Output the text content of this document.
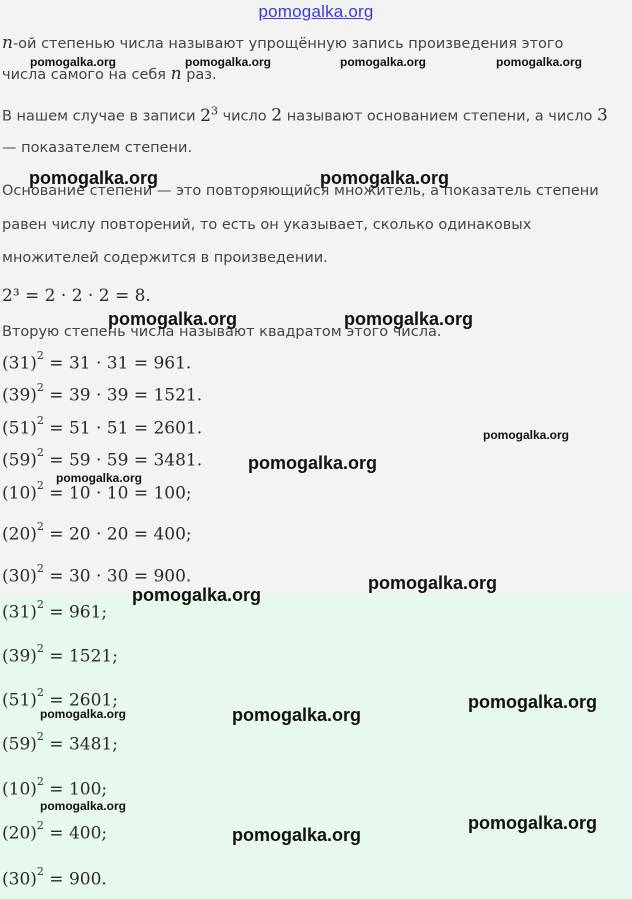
pomogalka.org
n-ой степенью числа называют упрощённую запись произведения этого
числа самого на себя n раз.
В нашем случае в записи $2^3$ число 2 называют основанием степени, а число 3
— показателем степени.
Основание степени — это повторяющийся множитель, а показатель степени
равен числу повторений, то есть он указывает, сколько одинаковых
множителей содержится в произведении.
2³ = 2 · 2 · 2 = 8.
Вторую степень числа называют квадратом этого числа.
$(31)^2 = 31 \cdot 31 = 961$.
$(39)^2 = 39 \cdot 39 = 1521$.
$(51)^2 = 51 \cdot 51 = 2601$.
$(59)^2 = 59 \cdot 59 = 3481$.
$(10)^2 = 10 \cdot 10 = 100$;
$(20)^2 = 20 \cdot 20 = 400$;
$(30)^2 = 30 \cdot 30 = 900$.
$(31)^2 = 961$;
$(39)^2 = 1521$;
$(51)^2 = 2601$;
$(59)^2 = 3481$;
$(10)^2 = 100$;
$(20)^2 = 400$;
$(30)^2 = 900$.
pomogalka.org	pomogalka.org	pomogalka.org	pomogalka.org
pomogalka.org	pomogalka.org
pomogalka.org	pomogalka.org
pomogalka.org
pomogalka.org
pomogalka.org
pomogalka.org
pomogalka.org
pomogalka.org
pomogalka.org
pomogalka.org
pomogalka.org
pomogalka.org
pomogalka.org
